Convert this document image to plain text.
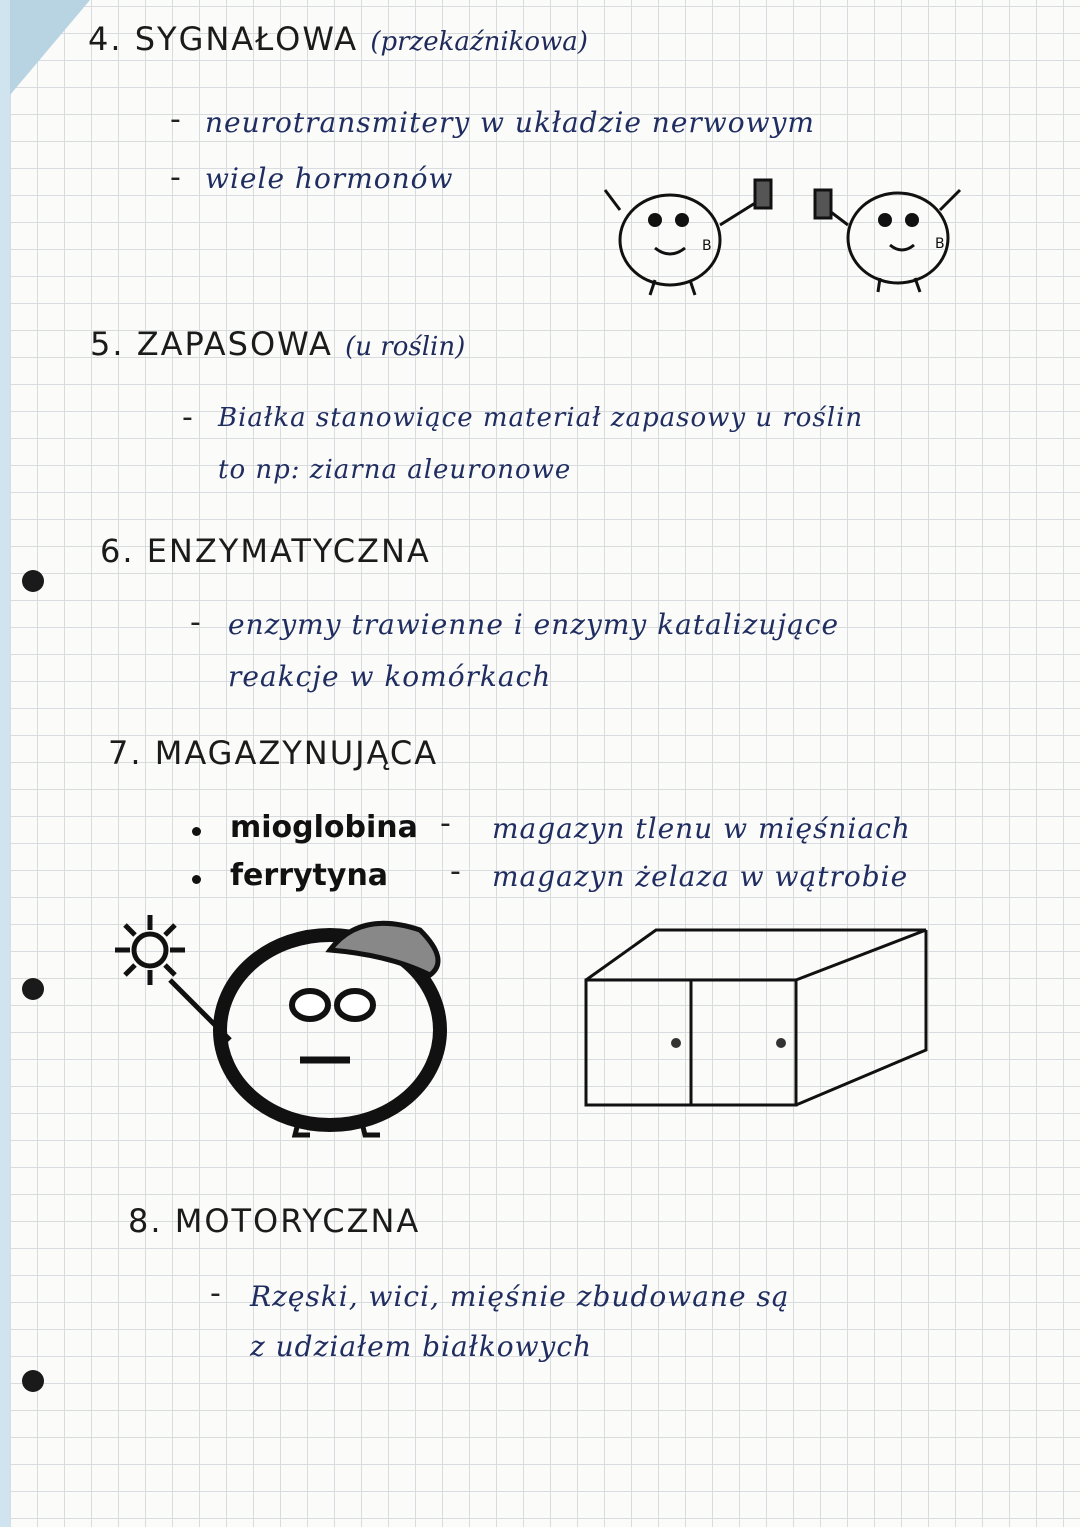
4. SYGNAŁOWA (przekaźnikowa)
- neurotransmitery w układzie nerwowym
- wiele hormonów
B	B
5. ZAPASOWA (u roślin)
- Białka stanowiące materiał zapasowy u roślin
to np: ziarna aleuronowe
6. ENZYMATYCZNA
- enzymy trawienne i enzymy katalizujące
reakcje w komórkach
7. MAGAZYNUJĄCA
mioglobina - magazyn tlenu w mięśniach
ferrytyna - magazyn żelaza w wątrobie
8. MOTORYCZNA
- Rzęski, wici, mięśnie zbudowane są
z udziałem białkowych
